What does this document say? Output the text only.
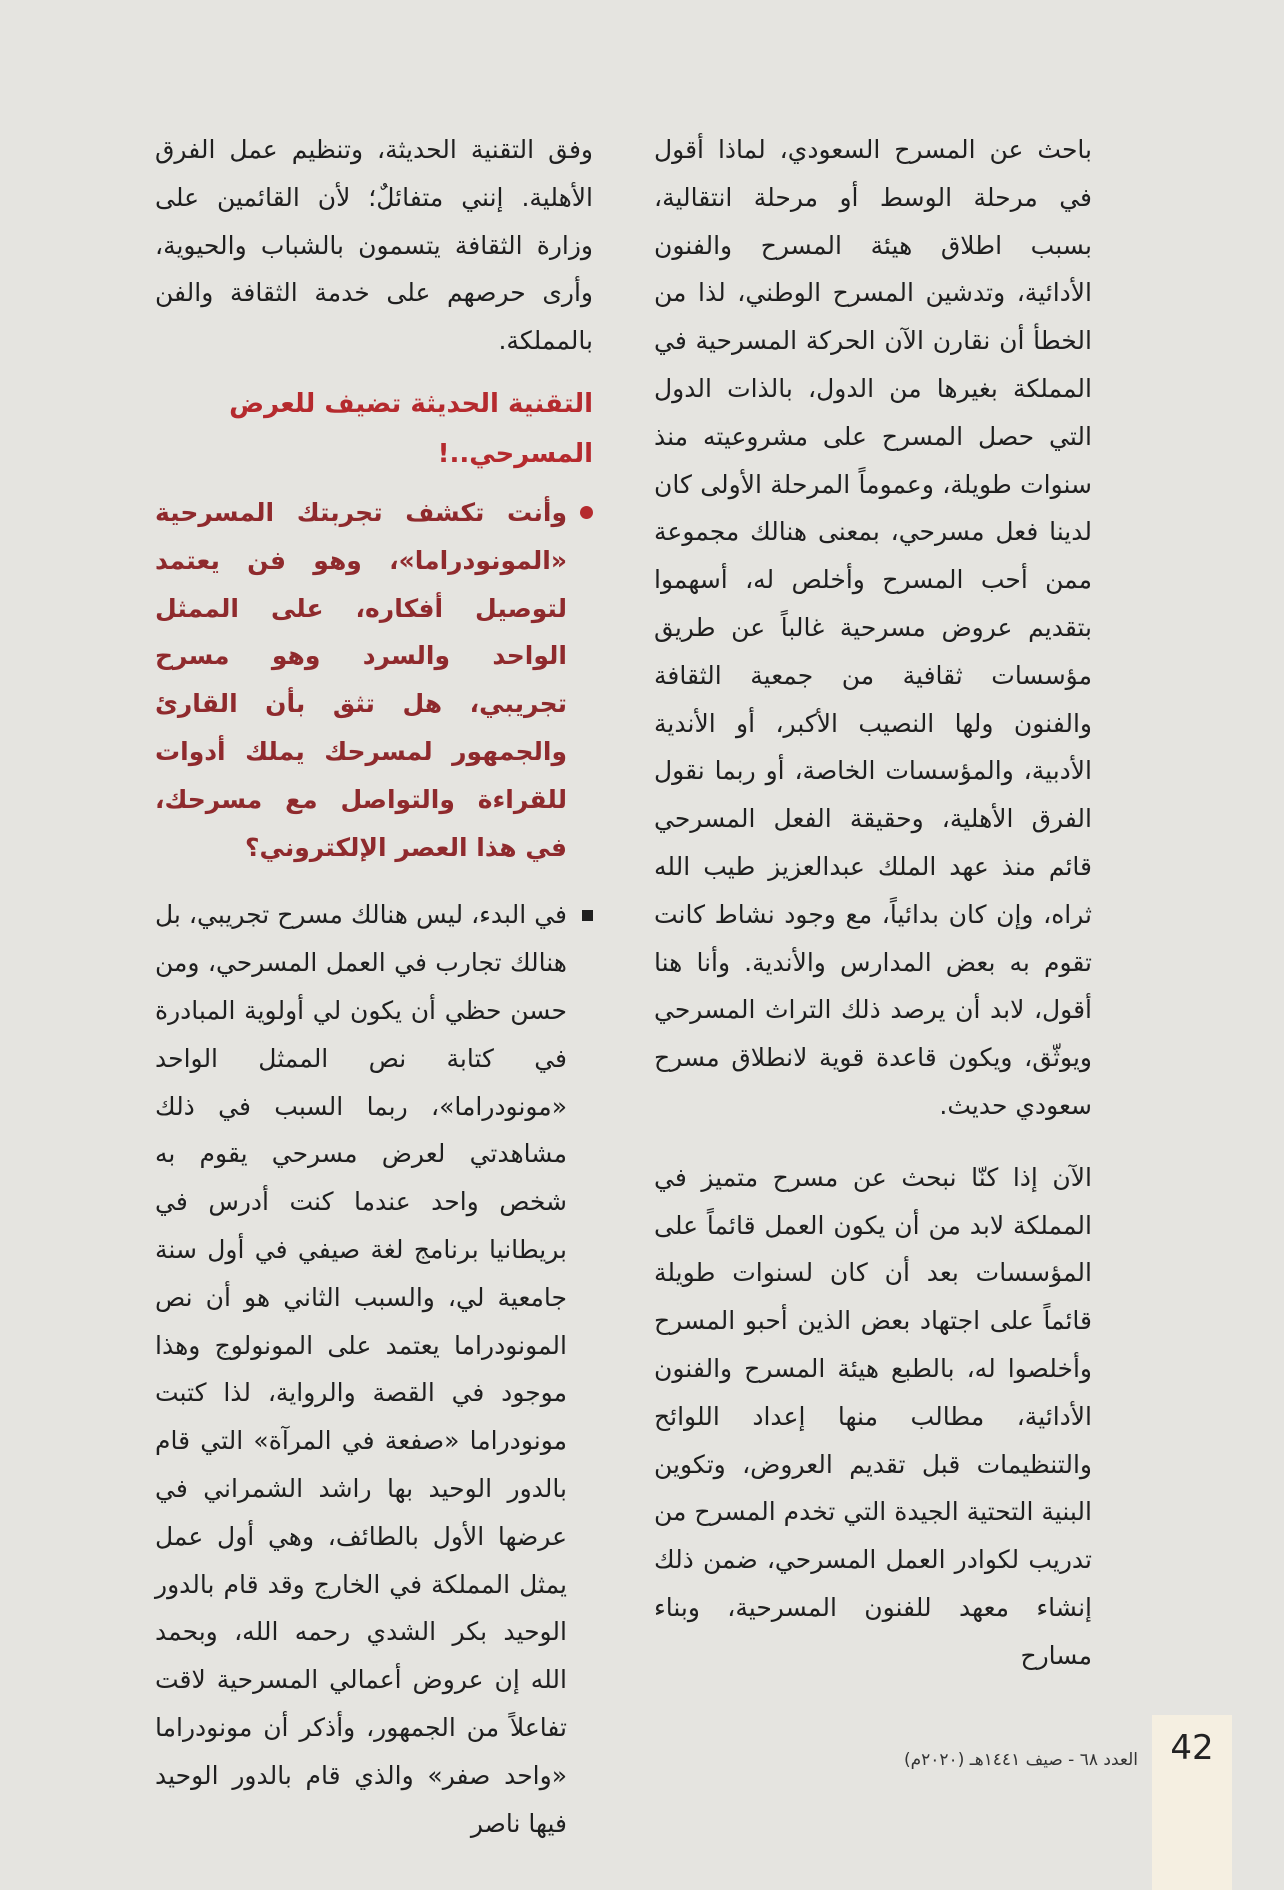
باحث عن المسرح السعودي، لماذا أقول في مرحلة الوسط أو مرحلة انتقالية، بسبب اطلاق هيئة المسرح والفنون الأدائية، وتدشين المسرح الوطني، لذا من الخطأ أن نقارن الآن الحركة المسرحية في المملكة بغيرها من الدول، بالذات الدول التي حصل المسرح على مشروعيته منذ سنوات طويلة، وعموماً المرحلة الأولى كان لدينا فعل مسرحي، بمعنى هنالك مجموعة ممن أحب المسرح وأخلص له، أسهموا بتقديم عروض مسرحية غالباً عن طريق مؤسسات ثقافية من جمعية الثقافة والفنون ولها النصيب الأكبر، أو الأندية الأدبية، والمؤسسات الخاصة، أو ربما نقول الفرق الأهلية، وحقيقة الفعل المسرحي قائم منذ عهد الملك عبدالعزيز طيب الله ثراه، وإن كان بدائياً، مع وجود نشاط كانت تقوم به بعض المدارس والأندية. وأنا هنا أقول، لابد أن يرصد ذلك التراث المسرحي ويوثّق، ويكون قاعدة قوية لانطلاق مسرح سعودي حديث.

الآن إذا كنّا نبحث عن مسرح متميز في المملكة لابد من أن يكون العمل قائماً على المؤسسات بعد أن كان لسنوات طويلة قائماً على اجتهاد بعض الذين أحبو المسرح وأخلصوا له، بالطبع هيئة المسرح والفنون الأدائية، مطالب منها إعداد اللوائح والتنظيمات قبل تقديم العروض، وتكوين البنية التحتية الجيدة التي تخدم المسرح من تدريب لكوادر العمل المسرحي، ضمن ذلك إنشاء معهد للفنون المسرحية، وبناء مسارح

وفق التقنية الحديثة، وتنظيم عمل الفرق الأهلية. إنني متفائلٌ؛ لأن القائمين على وزارة الثقافة يتسمون بالشباب والحيوية، وأرى حرصهم على خدمة الثقافة والفن بالمملكة.

التقنية الحديثة تضيف للعرض المسرحي..!

وأنت تكشف تجربتك المسرحية «المونودراما»، وهو فن يعتمد لتوصيل أفكاره، على الممثل الواحد والسرد وهو مسرح تجريبي، هل تثق بأن القارئ والجمهور لمسرحك يملك أدوات للقراءة والتواصل مع مسرحك، في هذا العصر الإلكتروني؟

في البدء، ليس هنالك مسرح تجريبي، بل هنالك تجارب في العمل المسرحي، ومن حسن حظي أن يكون لي أولوية المبادرة في كتابة نص الممثل الواحد «مونودراما»، ربما السبب في ذلك مشاهدتي لعرض مسرحي يقوم به شخص واحد عندما كنت أدرس في بريطانيا برنامج لغة صيفي في أول سنة جامعية لي، والسبب الثاني هو أن نص المونودراما يعتمد على المونولوج وهذا موجود في القصة والرواية، لذا كتبت مونودراما «صفعة في المرآة» التي قام بالدور الوحيد بها راشد الشمراني في عرضها الأول بالطائف، وهي أول عمل يمثل المملكة في الخارج وقد قام بالدور الوحيد بكر الشدي رحمه الله، وبحمد الله إن عروض أعمالي المسرحية لاقت تفاعلاً من الجمهور، وأذكر أن مونودراما «واحد صفر» والذي قام بالدور الوحيد فيها ناصر

42
العدد ٦٨ - صيف ١٤٤١هـ (٢٠٢٠م)
